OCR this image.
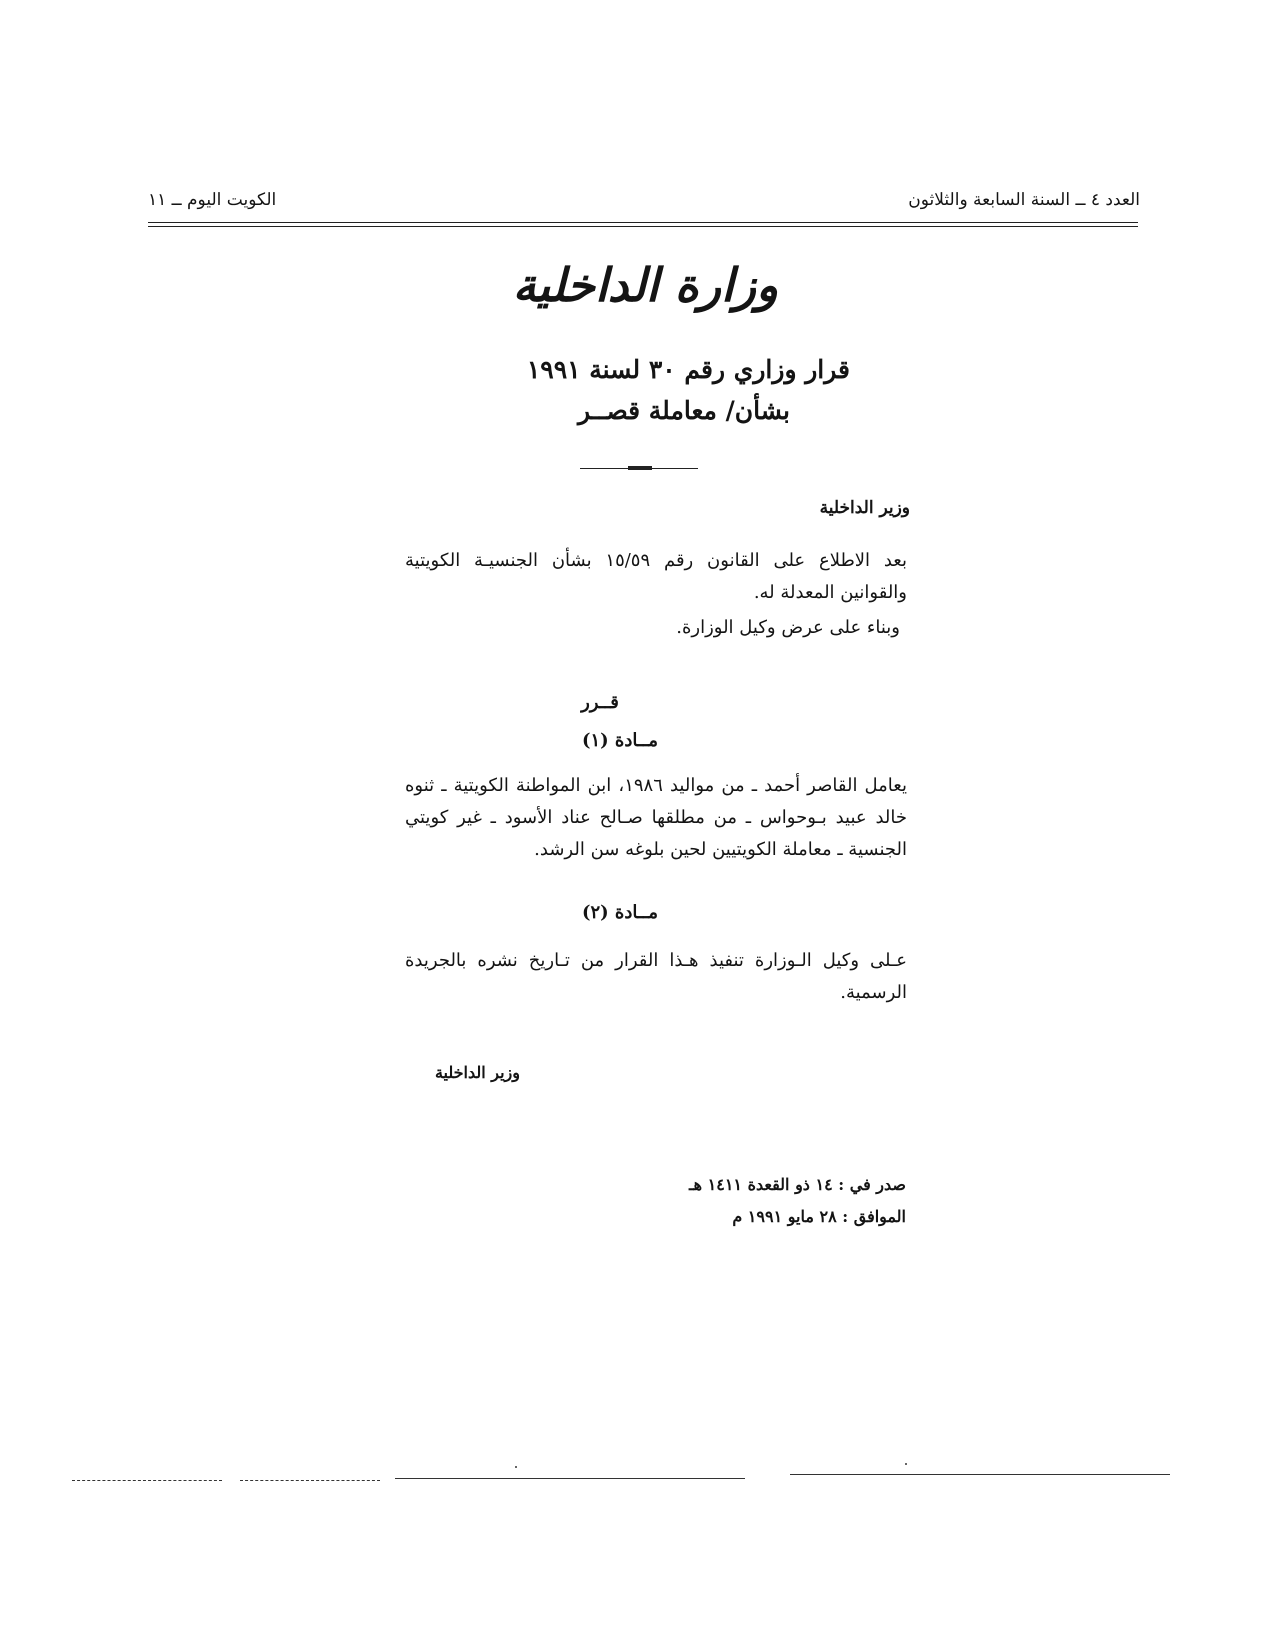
العدد ٤ ــ السنة السابعة والثلاثون
الكويت اليوم ــ ١١
وزارة الداخلية
قرار وزاري رقم ٣٠ لسنة ١٩٩١
بشأن/ معاملة قصــر
وزير الداخلية
بعد الاطلاع على القانون رقم ١٥/٥٩ بشأن الجنسيـة الكويتية والقوانين المعدلة له.
وبناء على عرض وكيل الوزارة.
قــرر
مــادة (١)
يعامل القاصر أحمد ـ من مواليد ١٩٨٦، ابن المواطنة الكويتية ـ ثنوه خالد عبيد بـوحواس ـ من مطلقها صـالح عناد الأسود ـ غير كويتي الجنسية ـ معاملة الكويتيين لحين بلوغه سن الرشد.
مــادة (٢)
عـلى وكيل الـوزارة تنفيذ هـذا القرار من تـاريخ نشره بالجريدة الرسمية.
وزير الداخلية
صدر في : ١٤ ذو القعدة ١٤١١ هـ
الموافق : ٢٨ مايو ١٩٩١ م
